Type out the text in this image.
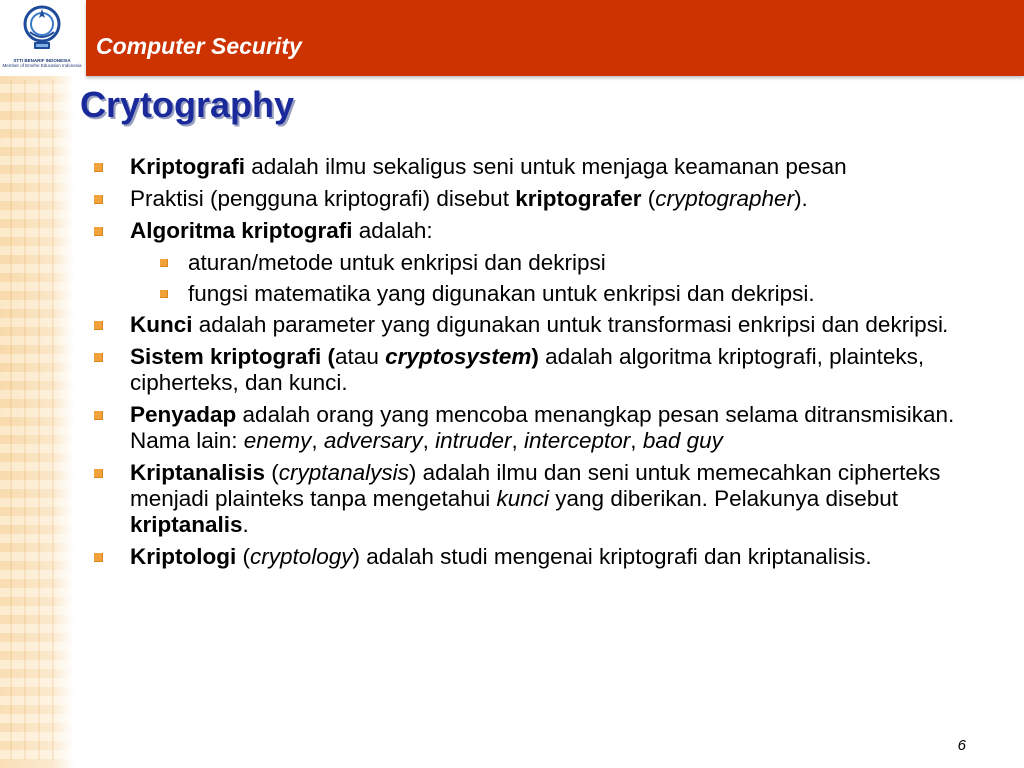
STTI BENARIF INDONESIA
Member of Emirhe Education Indonesia
Computer Security
Crytography
Kriptografi adalah ilmu sekaligus seni untuk menjaga keamanan pesan
Praktisi (pengguna kriptografi) disebut kriptografer (cryptographer).
Algoritma kriptografi adalah:
aturan/metode untuk enkripsi dan dekripsi
fungsi matematika yang digunakan untuk enkripsi dan dekripsi.
Kunci adalah parameter yang digunakan untuk transformasi enkripsi dan dekripsi.
Sistem kriptografi (atau cryptosystem) adalah algoritma kriptografi, plainteks, cipherteks, dan kunci.
Penyadap adalah orang yang mencoba menangkap pesan selama ditransmisikan. Nama lain: enemy, adversary, intruder, interceptor, bad guy
Kriptanalisis (cryptanalysis) adalah ilmu dan seni untuk memecahkan cipherteks menjadi plainteks tanpa mengetahui kunci yang diberikan. Pelakunya disebut kriptanalis.
Kriptologi (cryptology) adalah studi mengenai kriptografi dan kriptanalisis.
6
